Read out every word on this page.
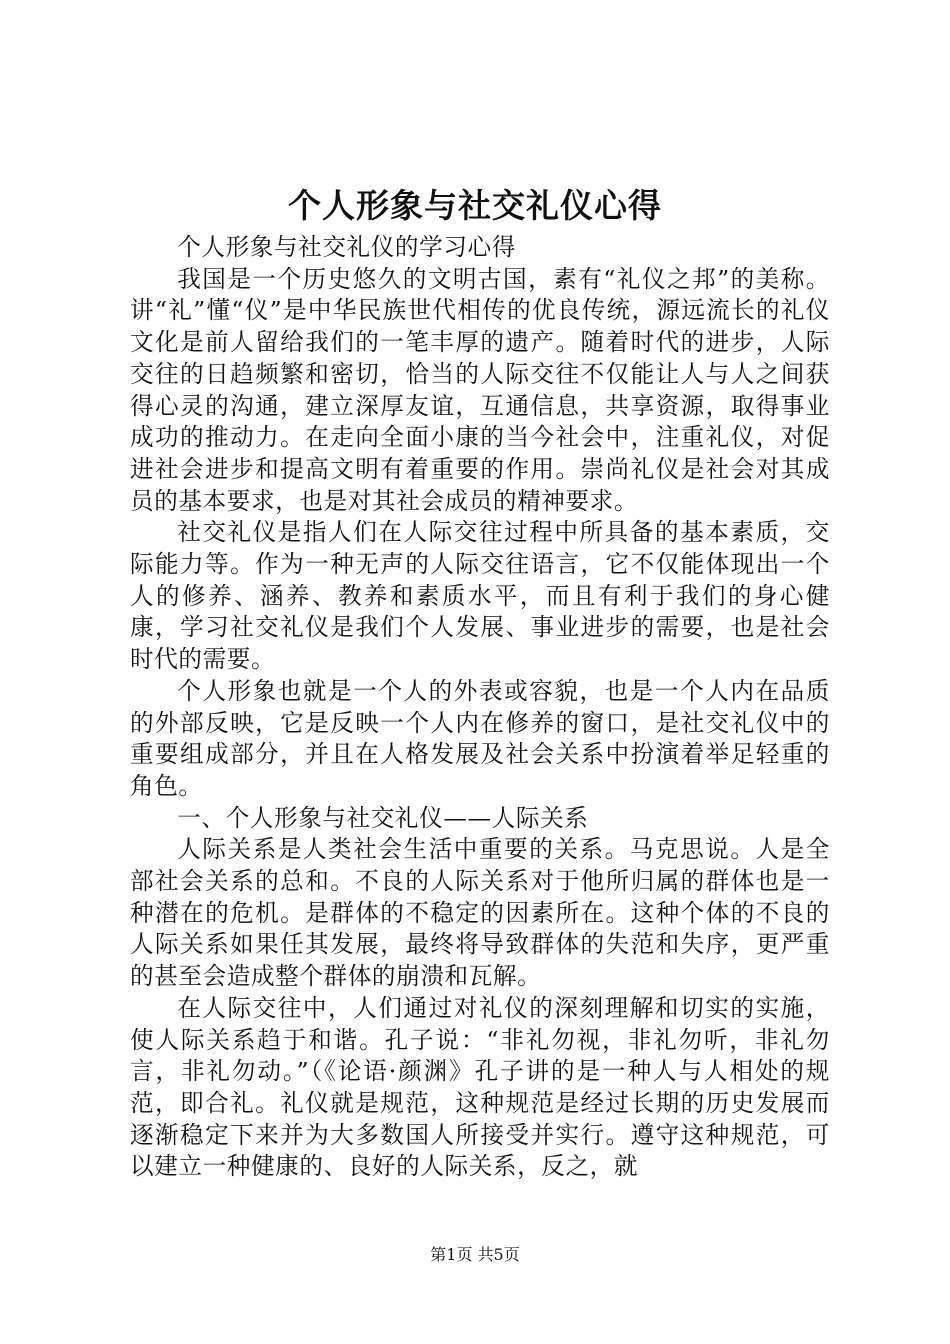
个人形象与社交礼仪心得

个人形象与社交礼仪的学习心得

我国是一个历史悠久的文明古国，素有“礼仪之邦”的美称。讲“礼”懂“仪”是中华民族世代相传的优良传统，源远流长的礼仪文化是前人留给我们的一笔丰厚的遗产。随着时代的进步，人际交往的日趋频繁和密切，恰当的人际交往不仅能让人与人之间获得心灵的沟通，建立深厚友谊，互通信息，共享资源，取得事业成功的推动力。在走向全面小康的当今社会中，注重礼仪，对促进社会进步和提高文明有着重要的作用。崇尚礼仪是社会对其成员的基本要求，也是对其社会成员的精神要求。

社交礼仪是指人们在人际交往过程中所具备的基本素质，交际能力等。作为一种无声的人际交往语言，它不仅能体现出一个人的修养、涵养、教养和素质水平，而且有利于我们的身心健康，学习社交礼仪是我们个人发展、事业进步的需要，也是社会时代的需要。

个人形象也就是一个人的外表或容貌，也是一个人内在品质的外部反映，它是反映一个人内在修养的窗口，是社交礼仪中的重要组成部分，并且在人格发展及社会关系中扮演着举足轻重的角色。

一、个人形象与社交礼仪——人际关系

人际关系是人类社会生活中重要的关系。马克思说。人是全部社会关系的总和。不良的人际关系对于他所归属的群体也是一种潜在的危机。是群体的不稳定的因素所在。这种个体的不良的人际关系如果任其发展，最终将导致群体的失范和失序，更严重的甚至会造成整个群体的崩溃和瓦解。

在人际交往中，人们通过对礼仪的深刻理解和切实的实施，使人际关系趋于和谐。孔子说：“非礼勿视，非礼勿听，非礼勿言，非礼勿动。”（《论语·颜渊》孔子讲的是一种人与人相处的规范，即合礼。礼仪就是规范，这种规范是经过长期的历史发展而逐渐稳定下来并为大多数国人所接受并实行。遵守这种规范，可以建立一种健康的、良好的人际关系，反之，就

第1页 共5页
